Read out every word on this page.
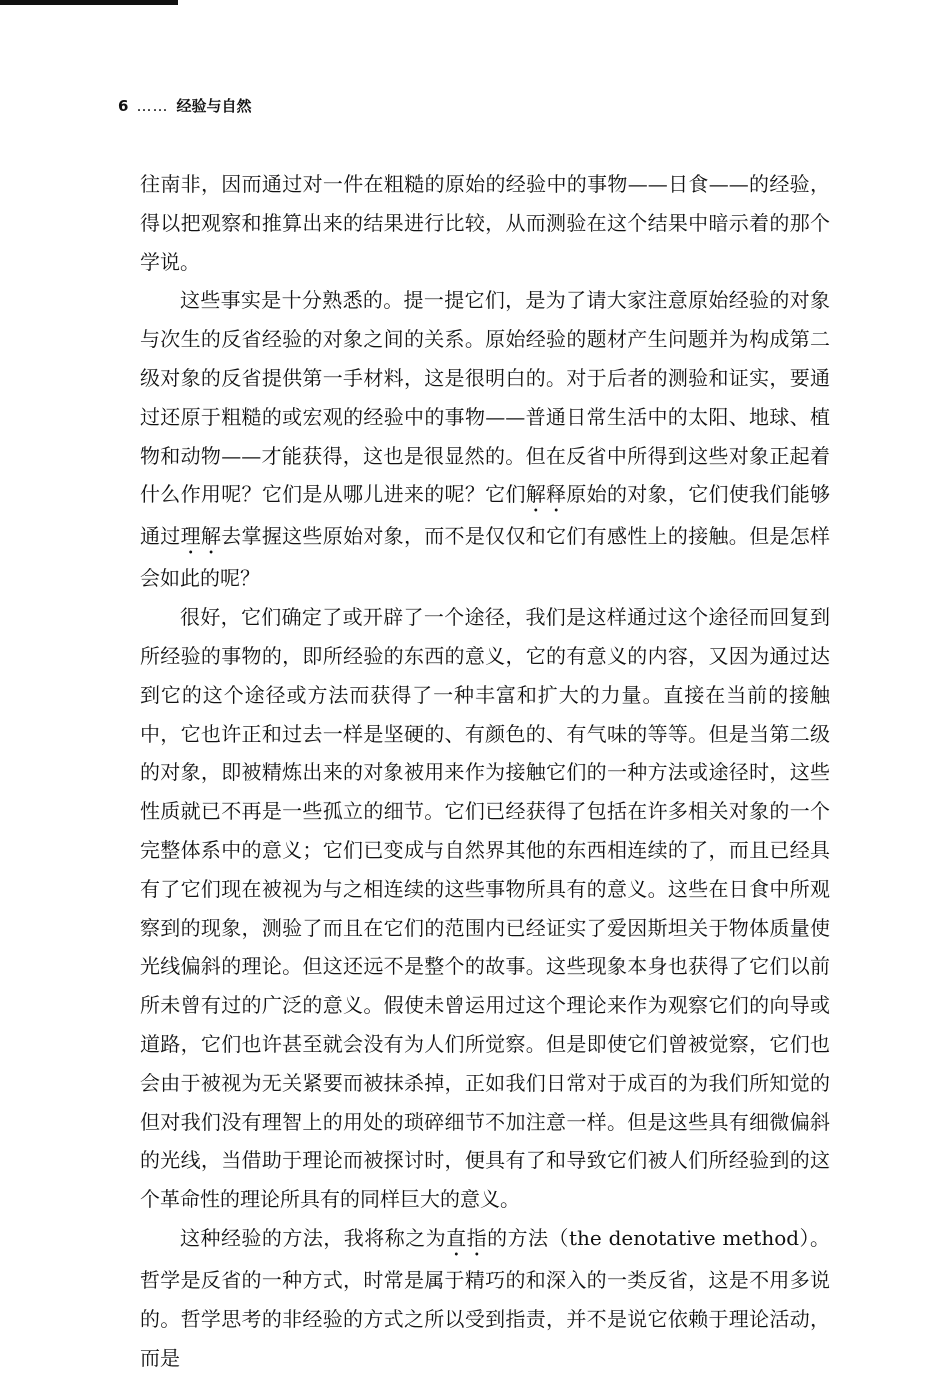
6 …… 经验与自然

往南非，因而通过对一件在粗糙的原始的经验中的事物——日食——的经验，得以把观察和推算出来的结果进行比较，从而测验在这个结果中暗示着的那个学说。

这些事实是十分熟悉的。提一提它们，是为了请大家注意原始经验的对象与次生的反省经验的对象之间的关系。原始经验的题材产生问题并为构成第二级对象的反省提供第一手材料，这是很明白的。对于后者的测验和证实，要通过还原于粗糙的或宏观的经验中的事物——普通日常生活中的太阳、地球、植物和动物——才能获得，这也是很显然的。但在反省中所得到这些对象正起着什么作用呢？它们是从哪儿进来的呢？它们解释原始的对象，它们使我们能够通过理解去掌握这些原始对象，而不是仅仅和它们有感性上的接触。但是怎样会如此的呢？

很好，它们确定了或开辟了一个途径，我们是这样通过这个途径而回复到所经验的事物的，即所经验的东西的意义，它的有意义的内容，又因为通过达到它的这个途径或方法而获得了一种丰富和扩大的力量。直接在当前的接触中，它也许正和过去一样是坚硬的、有颜色的、有气味的等等。但是当第二级的对象，即被精炼出来的对象被用来作为接触它们的一种方法或途径时，这些性质就已不再是一些孤立的细节。它们已经获得了包括在许多相关对象的一个完整体系中的意义；它们已变成与自然界其他的东西相连续的了，而且已经具有了它们现在被视为与之相连续的这些事物所具有的意义。这些在日食中所观察到的现象，测验了而且在它们的范围内已经证实了爱因斯坦关于物体质量使光线偏斜的理论。但这还远不是整个的故事。这些现象本身也获得了它们以前所未曾有过的广泛的意义。假使未曾运用过这个理论来作为观察它们的向导或道路，它们也许甚至就会没有为人们所觉察。但是即使它们曾被觉察，它们也会由于被视为无关紧要而被抹杀掉，正如我们日常对于成百的为我们所知觉的但对我们没有理智上的用处的琐碎细节不加注意一样。但是这些具有细微偏斜的光线，当借助于理论而被探讨时，便具有了和导致它们被人们所经验到的这个革命性的理论所具有的同样巨大的意义。

这种经验的方法，我将称之为直指的方法（the denotative method）。哲学是反省的一种方式，时常是属于精巧的和深入的一类反省，这是不用多说的。哲学思考的非经验的方式之所以受到指责，并不是说它依赖于理论活动，而是
